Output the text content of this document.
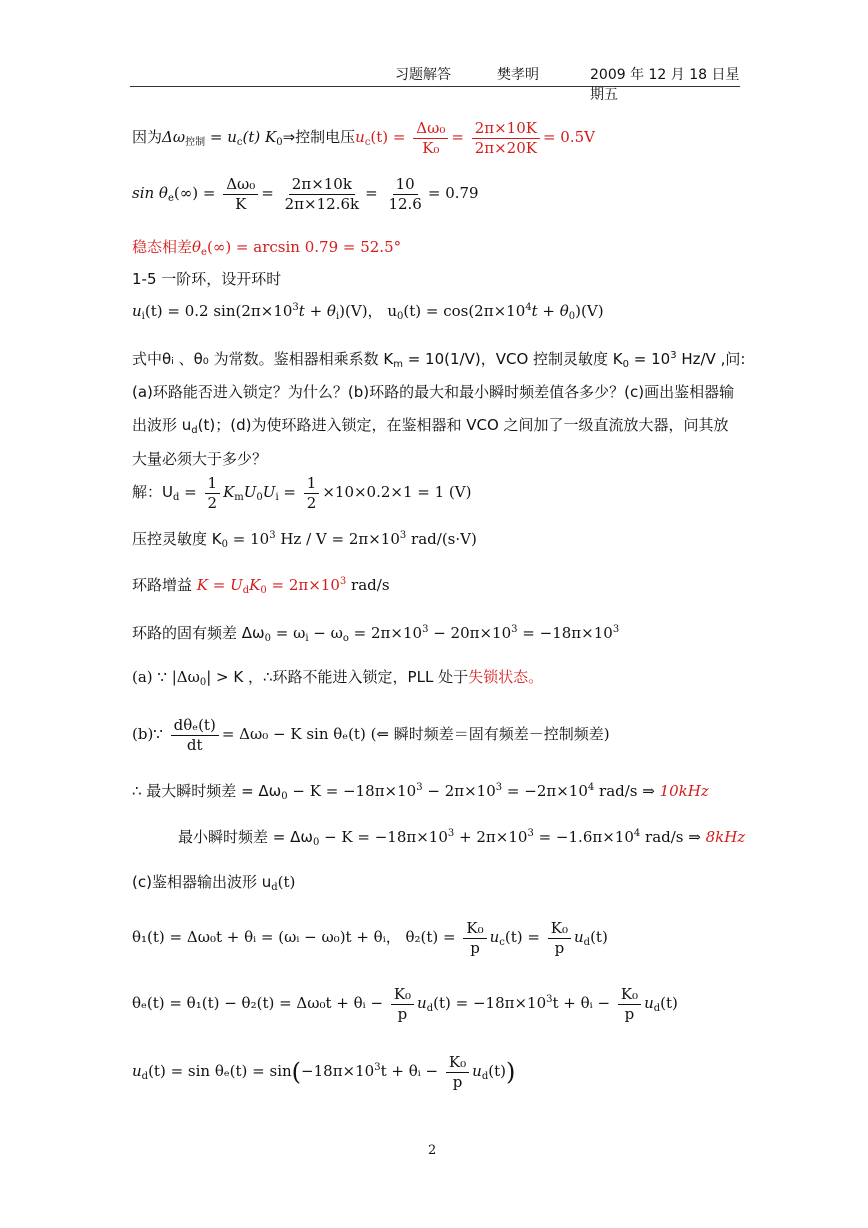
习题解答	樊孝明	2009 年 12 月 18 日星期五
因为$\Delta\omega_{控制} = u_c(t)$ $K_0\Rightarrow$控制电压$u_c(t) = \frac{\text{Δω₀}}{\text{K₀}} = \frac{2\pi\times 10K}{2\pi\times 20K} = 0.5V$
$\sin \theta_e(\infty) = \frac{\text{Δω₀}}{K} = \frac{2\pi\times 10k}{2\pi\times 12.6k} = \frac{10}{12.6} = 0.79$
稳态相差$\theta_e(\infty) = \arcsin 0.79 = 52.5^\circ$
1-5 一阶环，设开环时
$u_i(t) = 0.2$ $\sin(2\pi\times 10^3t + \theta_i)(V)$， $u_0(t) = \cos(2\pi\times 10^4t + \theta_0)(V)$
式中θᵢ 、θ₀ 为常数。鉴相器相乘系数 $K_m = 10(1/V)$，VCO 控制灵敏度 $K_0 = 10^3$ Hz/V ,问:
(a)环路能否进入锁定？为什么？(b)环路的最大和最小瞬时频差值各多少？(c)画出鉴相器输
出波形 $u_d(t)$；(d)为使环路进入锁定，在鉴相器和 VCO 之间加了一级直流放大器，问其放
大量必须大于多少？
解：$U_d = \frac{1}{2} K_mU_0U_i = \frac{1}{2} \times 10\times 0.2\times 1 = 1$ (V)
压控灵敏度 $K_0 = 10^3$ $Hz / V = 2\pi\times 10^3$ rad/(s·V)
环路增益 $K = U_dK_0 = 2\pi\times 10^3$ rad/s
环路的固有频差 $\Delta\omega_0 = \omega_i - \omega_o = 2\pi\times 10^3 - 20\pi\times 10^3 = -18\pi\times 10^3$
(a) ∵ $|\Delta\omega_0| > K$ ，∴环路不能进入锁定，PLL 处于失锁状态。
(b)∵ $\frac{\text{dθₑ(t)}}{dt} = \Delta\omega_0 - K$ sin θₑ(t) (⇐ 瞬时频差＝固有频差－控制频差)
∴ 最大瞬时频差 = $\Delta\omega_0 - K = -18\pi\times 10^3 - 2\pi\times 10^3 = -2\pi\times 10^4$ rad/s ⇒ 10kHz
最小瞬时频差 = $\Delta\omega_0 - K = -18\pi\times 10^3 + 2\pi\times 10^3 = -1.6\pi\times 10^4$ rad/s ⇒ 8kHz
(c)鉴相器输出波形 $u_d(t)$
θ₁(t) = Δω₀t + θᵢ = (ωᵢ − ω₀)t + θᵢ， $\theta_2(t) = \frac{\text{K₀}}{p} u_c(t) = \frac{\text{K₀}}{p} u_d(t)$
θₑ(t) = θ₁(t) − θ₂(t) = Δω₀t + θᵢ − $\frac{\text{K₀}}{p} u_d(t) = -18\pi\times 10^3t$ + θᵢ − $\frac{\text{K₀}}{p} u_d(t)$
$u_d(t) = \sin \theta_e(t) = \sin(-18\pi\times 10^3t$ + θᵢ − $\frac{\text{K₀}}{p} u_d(t)$)
2
